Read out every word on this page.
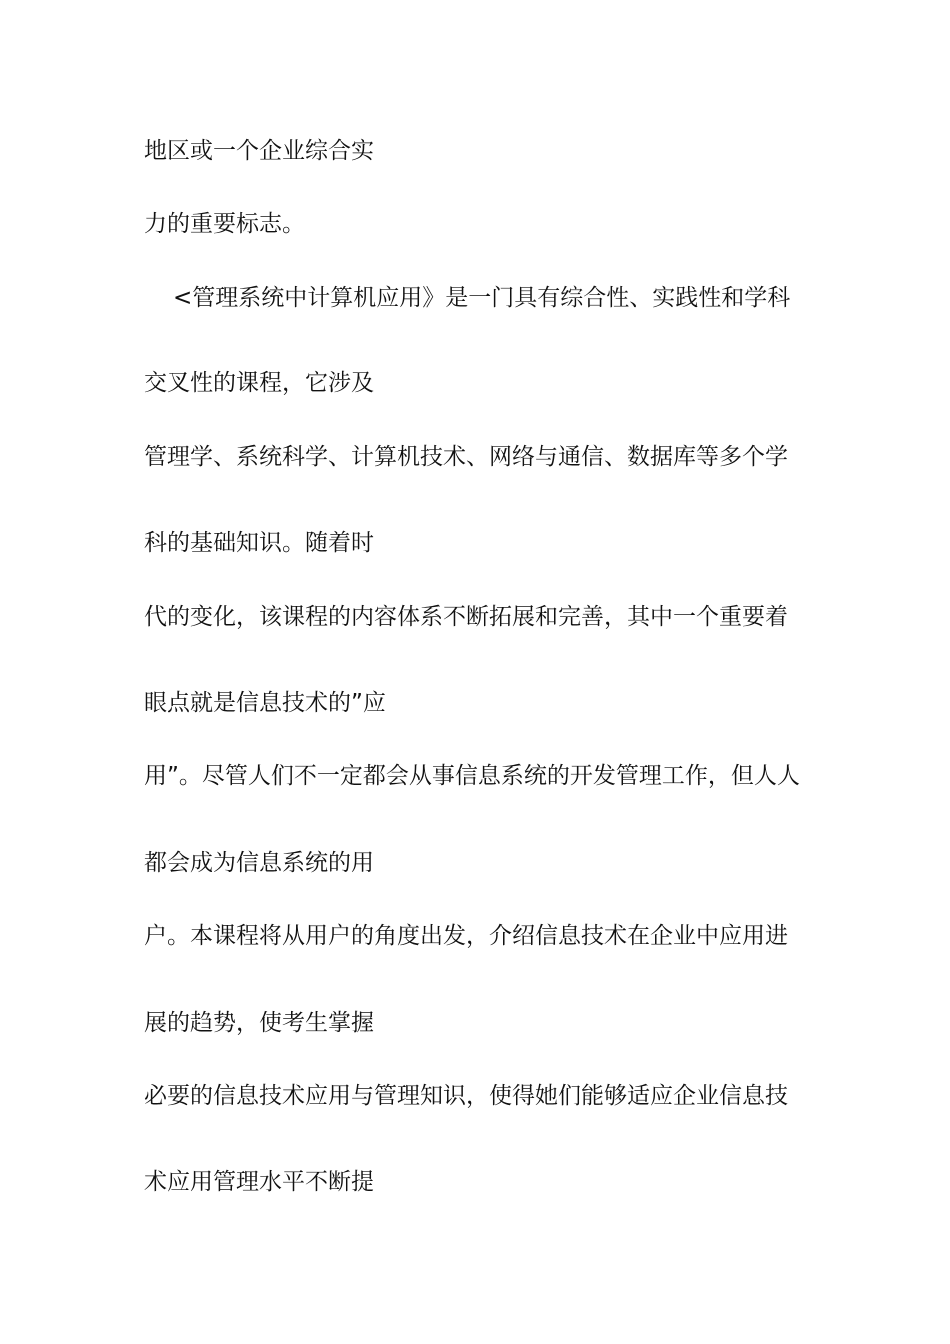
地区或一个企业综合实
力的重要标志。
<管理系统中计算机应用》是一门具有综合性、实践性和学科
交叉性的课程，它涉及
管理学、系统科学、计算机技术、网络与通信、数据库等多个学
科的基础知识。随着时
代的变化，该课程的内容体系不断拓展和完善，其中一个重要着
眼点就是信息技术的”应
用”。尽管人们不一定都会从事信息系统的开发管理工作，但人人
都会成为信息系统的用
户。本课程将从用户的角度出发，介绍信息技术在企业中应用进
展的趋势，使考生掌握
必要的信息技术应用与管理知识，使得她们能够适应企业信息技
术应用管理水平不断提
